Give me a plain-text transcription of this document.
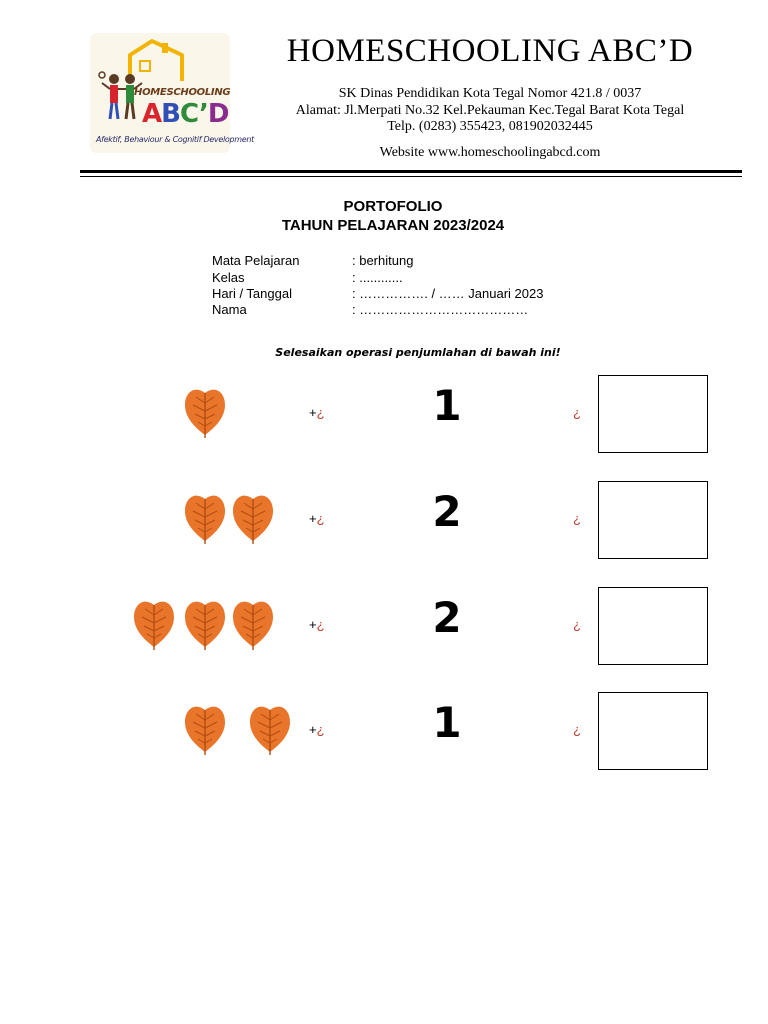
HOMESCHOOLING
ABC’D
Afektif, Behaviour & Cognitif Development
HOMESCHOOLING ABC’D
SK Dinas Pendidikan Kota Tegal Nomor 421.8 / 0037
Alamat: Jl.Merpati No.32 Kel.Pekauman Kec.Tegal Barat Kota Tegal
Telp. (0283) 355423, 081902032445
Website www.homeschoolingabcd.com
PORTOFOLIO
TAHUN PELAJARAN 2023/2024
Mata Pelajaran	: berhitung
Kelas	: ............
Hari / Tanggal	: ……………. / …… Januari 2023
Nama	: …………………………………
Selesaikan operasi penjumlahan di bawah ini!
+¿	1	¿
+¿	2	¿
+¿	2	¿
+¿	1	¿
